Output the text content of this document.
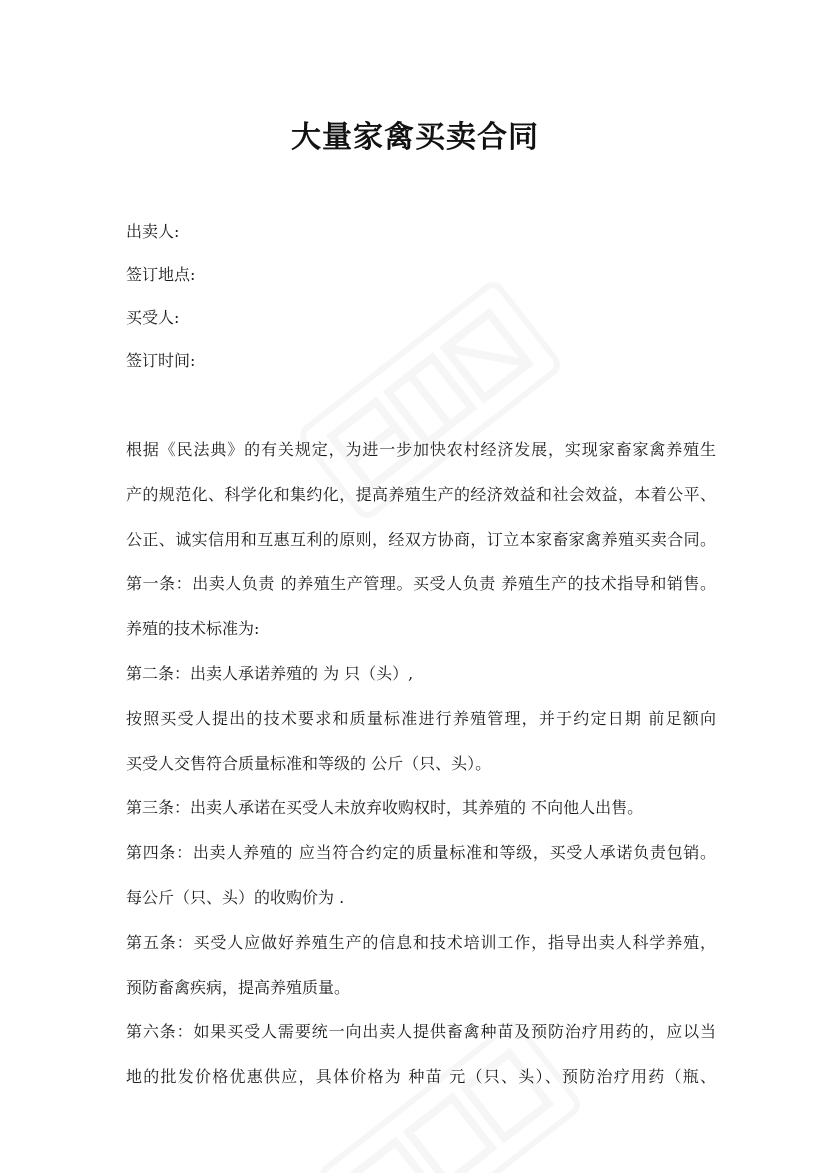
大量家禽买卖合同
出卖人:
签订地点:
买受人:
签订时间:
根据《民法典》的有关规定，为进一步加快农村经济发展，实现家畜家禽养殖生
产的规范化、科学化和集约化，提高养殖生产的经济效益和社会效益，本着公平、
公正、诚实信用和互惠互利的原则，经双方协商，订立本家畜家禽养殖买卖合同。
第一条：出卖人负责 的养殖生产管理。买受人负责 养殖生产的技术指导和销售。
养殖的技术标准为:
第二条：出卖人承诺养殖的 为 只（头）,
按照买受人提出的技术要求和质量标准进行养殖管理，并于约定日期 前足额向
买受人交售符合质量标准和等级的 公斤（只、头）。
第三条：出卖人承诺在买受人未放弃收购权时，其养殖的 不向他人出售。
第四条：出卖人养殖的 应当符合约定的质量标准和等级，买受人承诺负责包销。
每公斤（只、头）的收购价为 .
第五条：买受人应做好养殖生产的信息和技术培训工作，指导出卖人科学养殖，
预防畜禽疾病，提高养殖质量。
第六条：如果买受人需要统一向出卖人提供畜禽种苗及预防治疗用药的，应以当
地的批发价格优惠供应，具体价格为 种苗 元（只、头）、预防治疗用药（瓶、
